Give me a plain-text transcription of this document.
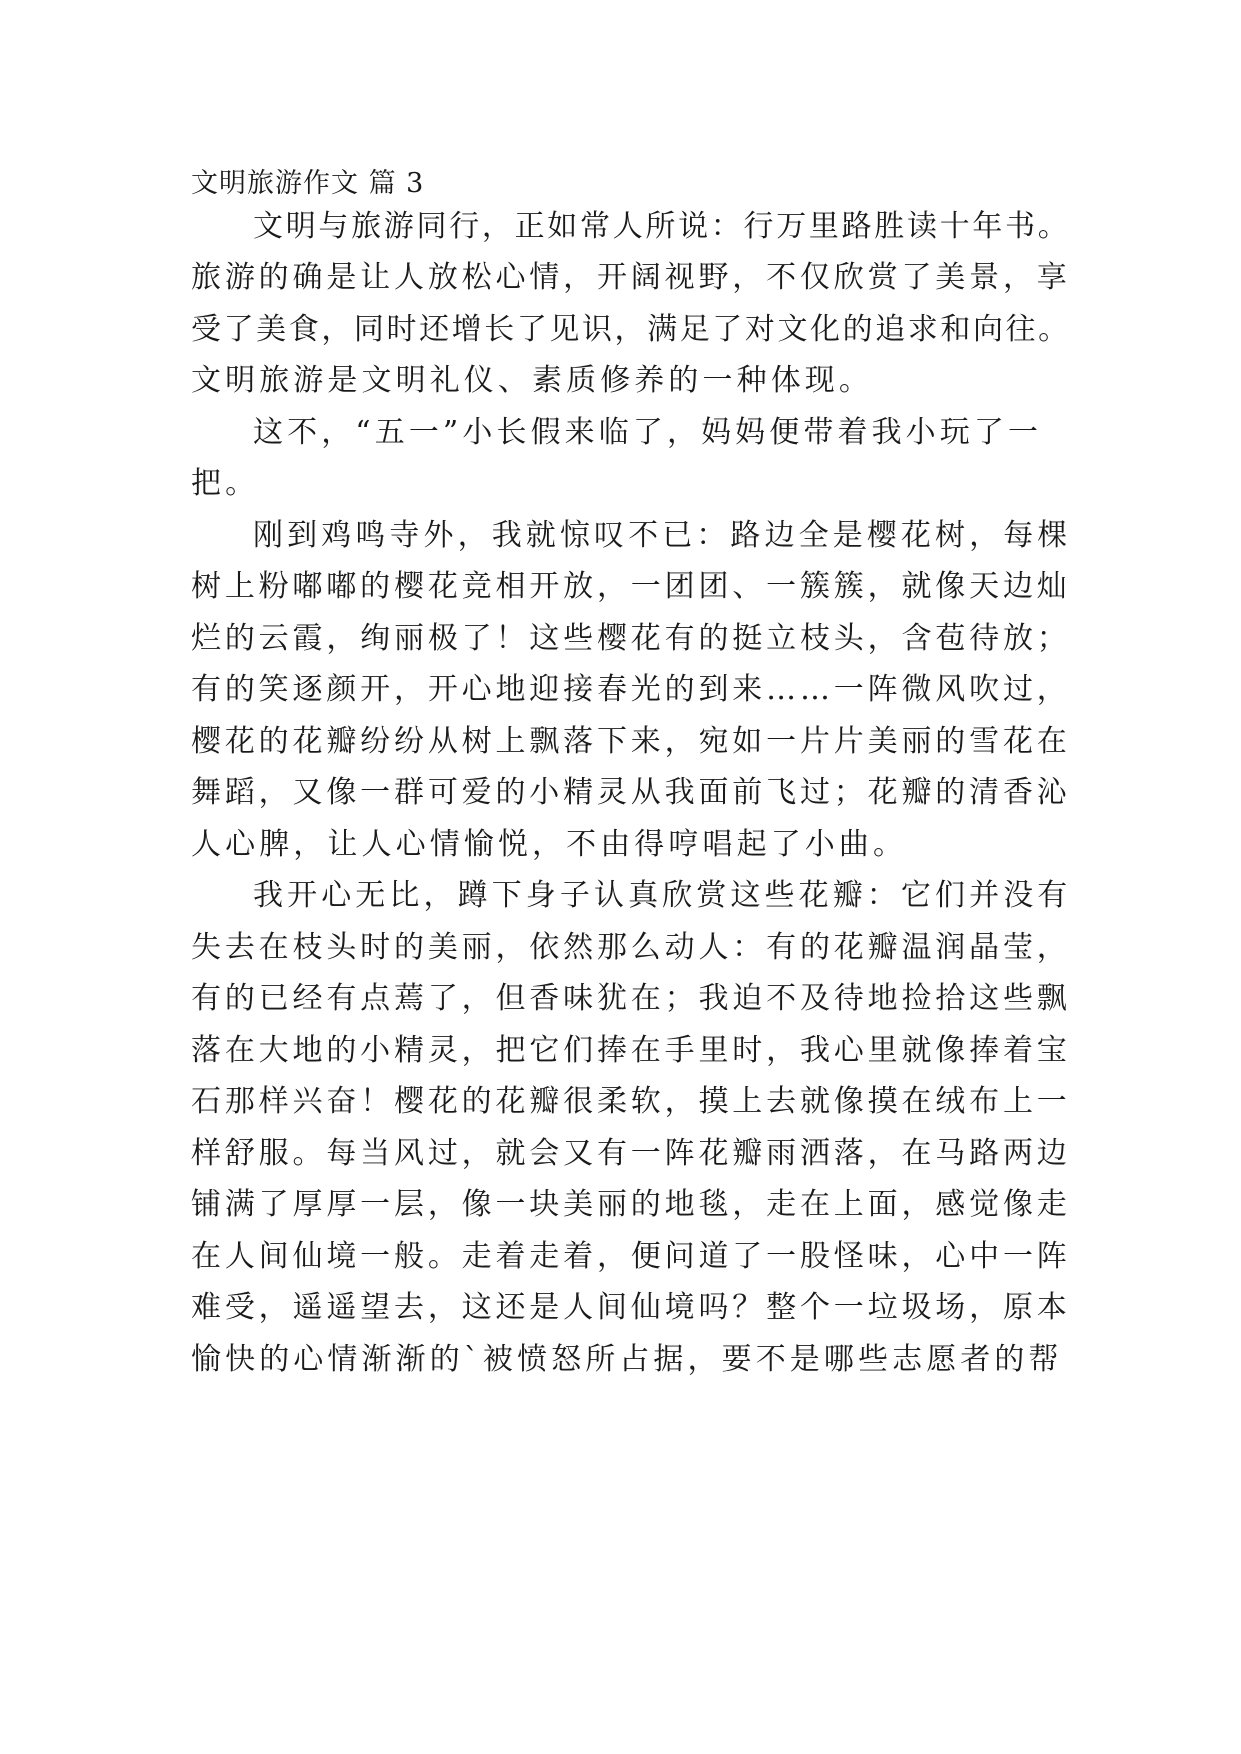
文明旅游作文 篇 3
文明与旅游同行，正如常人所说：行万里路胜读十年书。
旅游的确是让人放松心情，开阔视野，不仅欣赏了美景，享
受了美食，同时还增长了见识，满足了对文化的追求和向往。
文明旅游是文明礼仪、素质修养的一种体现。
这不，“五一”小长假来临了，妈妈便带着我小玩了一
把。
刚到鸡鸣寺外，我就惊叹不已：路边全是樱花树，每棵
树上粉嘟嘟的樱花竞相开放，一团团、一簇簇，就像天边灿
烂的云霞，绚丽极了！这些樱花有的挺立枝头，含苞待放；
有的笑逐颜开，开心地迎接春光的到来……一阵微风吹过，
樱花的花瓣纷纷从树上飘落下来，宛如一片片美丽的雪花在
舞蹈，又像一群可爱的小精灵从我面前飞过；花瓣的清香沁
人心脾，让人心情愉悦，不由得哼唱起了小曲。
我开心无比，蹲下身子认真欣赏这些花瓣：它们并没有
失去在枝头时的美丽，依然那么动人：有的花瓣温润晶莹，
有的已经有点蔫了，但香味犹在；我迫不及待地捡拾这些飘
落在大地的小精灵，把它们捧在手里时，我心里就像捧着宝
石那样兴奋！樱花的花瓣很柔软，摸上去就像摸在绒布上一
样舒服。每当风过，就会又有一阵花瓣雨洒落，在马路两边
铺满了厚厚一层，像一块美丽的地毯，走在上面，感觉像走
在人间仙境一般。走着走着，便问道了一股怪味，心中一阵
难受，遥遥望去，这还是人间仙境吗？整个一垃圾场，原本
愉快的心情渐渐的`被愤怒所占据，要不是哪些志愿者的帮
